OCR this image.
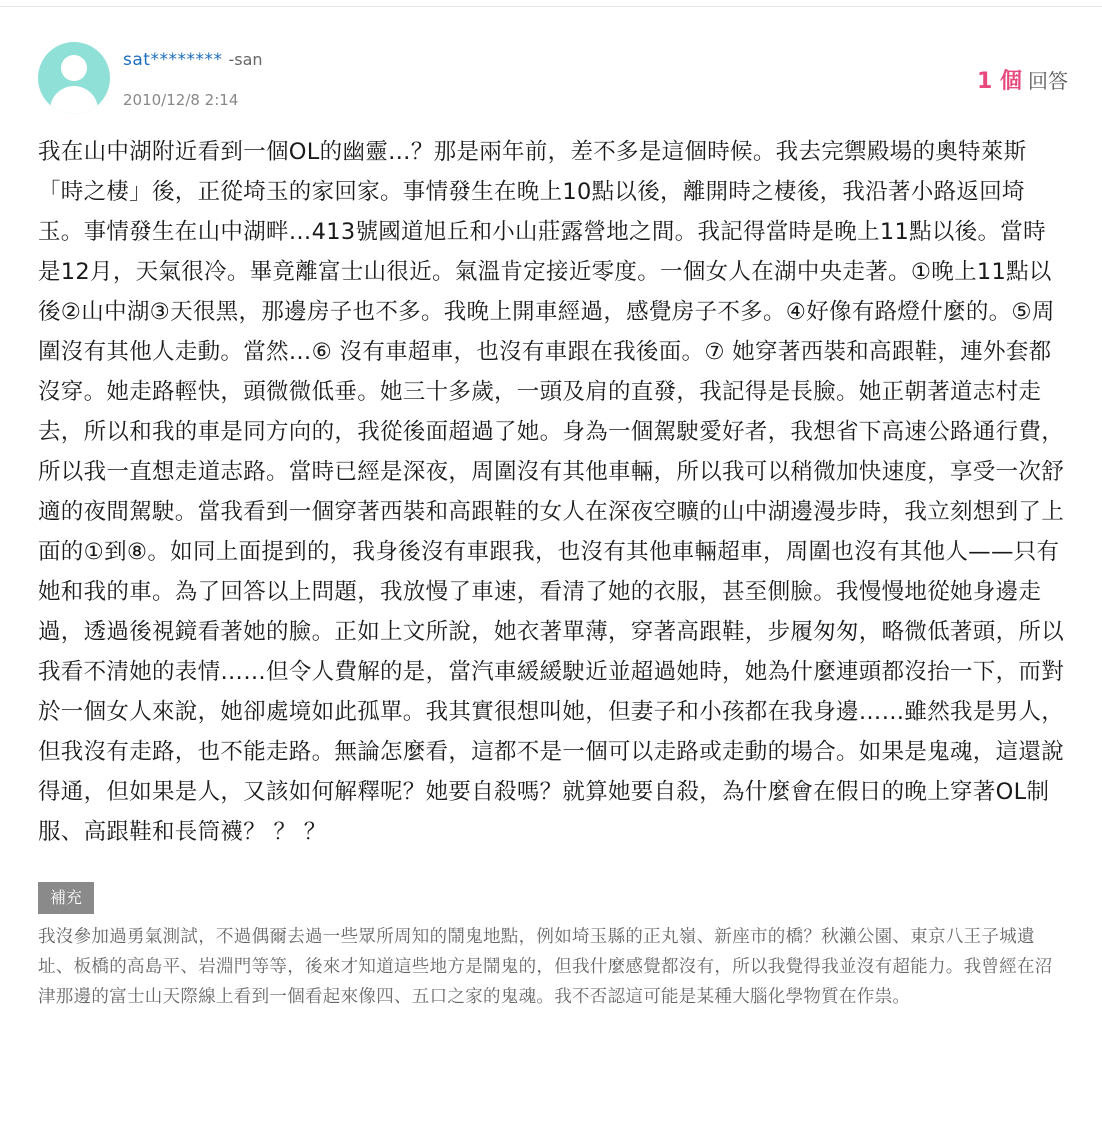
sat******** -san
2010/12/8 2:14
1 個 回答

我在山中湖附近看到一個OL的幽靈…？那是兩年前，差不多是這個時候。我去完禦殿場的奧特萊斯「時之棲」後，正從埼玉的家回家。事情發生在晚上10點以後，離開時之棲後，我沿著小路返回埼玉。事情發生在山中湖畔…413號國道旭丘和小山莊露營地之間。我記得當時是晚上11點以後。當時是12月，天氣很冷。畢竟離富士山很近。氣溫肯定接近零度。一個女人在湖中央走著。①晚上11點以後②山中湖③天很黑，那邊房子也不多。我晚上開車經過，感覺房子不多。④好像有路燈什麼的。⑤周圍沒有其他人走動。當然…⑥ 沒有車超車，也沒有車跟在我後面。⑦ 她穿著西裝和高跟鞋，連外套都沒穿。她走路輕快，頭微微低垂。她三十多歲，一頭及肩的直發，我記得是長臉。她正朝著道志村走去，所以和我的車是同方向的，我從後面超過了她。身為一個駕駛愛好者，我想省下高速公路通行費，所以我一直想走道志路。當時已經是深夜，周圍沒有其他車輛，所以我可以稍微加快速度，享受一次舒適的夜間駕駛。當我看到一個穿著西裝和高跟鞋的女人在深夜空曠的山中湖邊漫步時，我立刻想到了上面的①到⑧。如同上面提到的，我身後沒有車跟我，也沒有其他車輛超車，周圍也沒有其他人——只有她和我的車。為了回答以上問題，我放慢了車速，看清了她的衣服，甚至側臉。我慢慢地從她身邊走過，透過後視鏡看著她的臉。正如上文所說，她衣著單薄，穿著高跟鞋，步履匆匆，略微低著頭，所以我看不清她的表情……但令人費解的是，當汽車緩緩駛近並超過她時，她為什麼連頭都沒抬一下，而對於一個女人來說，她卻處境如此孤單。我其實很想叫她，但妻子和小孩都在我身邊……雖然我是男人，但我沒有走路，也不能走路。無論怎麼看，這都不是一個可以走路或走動的場合。如果是鬼魂，這還說得通，但如果是人，又該如何解釋呢？她要自殺嗎？就算她要自殺，為什麼會在假日的晚上穿著OL制服、高跟鞋和長筒襪？ ？ ？

補充

我沒參加過勇氣測試，不過偶爾去過一些眾所周知的鬧鬼地點，例如埼玉縣的正丸嶺、新座市的橋？秋瀨公園、東京八王子城遺址、板橋的高島平、岩淵門等等，後來才知道這些地方是鬧鬼的，但我什麼感覺都沒有，所以我覺得我並沒有超能力。我曾經在沼津那邊的富士山天際線上看到一個看起來像四、五口之家的鬼魂。我不否認這可能是某種大腦化學物質在作祟。
